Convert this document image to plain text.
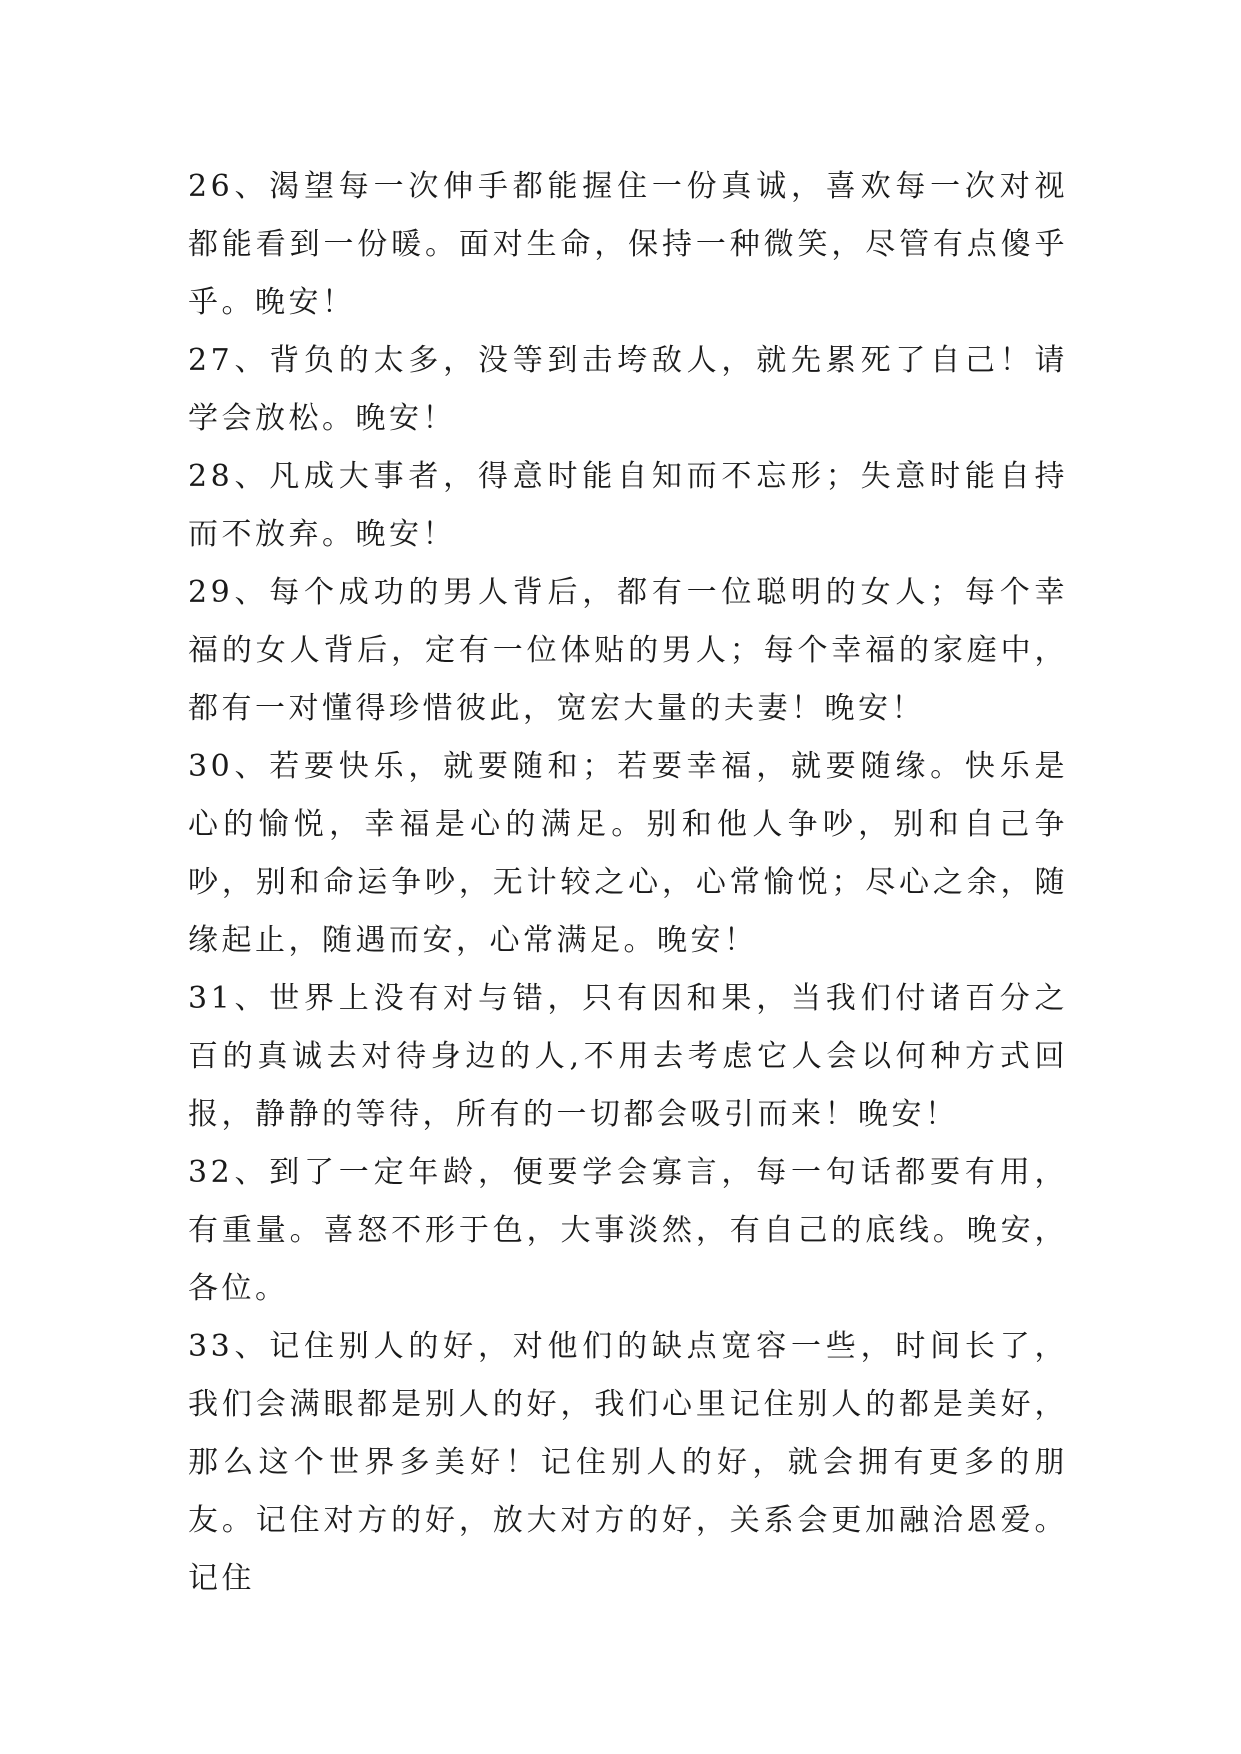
26、渴望每一次伸手都能握住一份真诚，喜欢每一次对视都能看到一份暖。面对生命，保持一种微笑，尽管有点傻乎乎。晚安！

27、背负的太多，没等到击垮敌人，就先累死了自己！请学会放松。晚安！

28、凡成大事者，得意时能自知而不忘形；失意时能自持而不放弃。晚安！

29、每个成功的男人背后，都有一位聪明的女人；每个幸福的女人背后，定有一位体贴的男人；每个幸福的家庭中，都有一对懂得珍惜彼此，宽宏大量的夫妻！晚安！

30、若要快乐，就要随和；若要幸福，就要随缘。快乐是心的愉悦，幸福是心的满足。别和他人争吵，别和自己争吵，别和命运争吵，无计较之心，心常愉悦；尽心之余，随缘起止，随遇而安，心常满足。晚安！

31、世界上没有对与错，只有因和果，当我们付诸百分之百的真诚去对待身边的人,不用去考虑它人会以何种方式回报，静静的等待，所有的一切都会吸引而来！晚安！

32、到了一定年龄，便要学会寡言，每一句话都要有用，有重量。喜怒不形于色，大事淡然，有自己的底线。晚安，各位。

33、记住别人的好，对他们的缺点宽容一些，时间长了，我们会满眼都是别人的好，我们心里记住别人的都是美好，那么这个世界多美好！记住别人的好，就会拥有更多的朋友。记住对方的好，放大对方的好，关系会更加融洽恩爱。记住
